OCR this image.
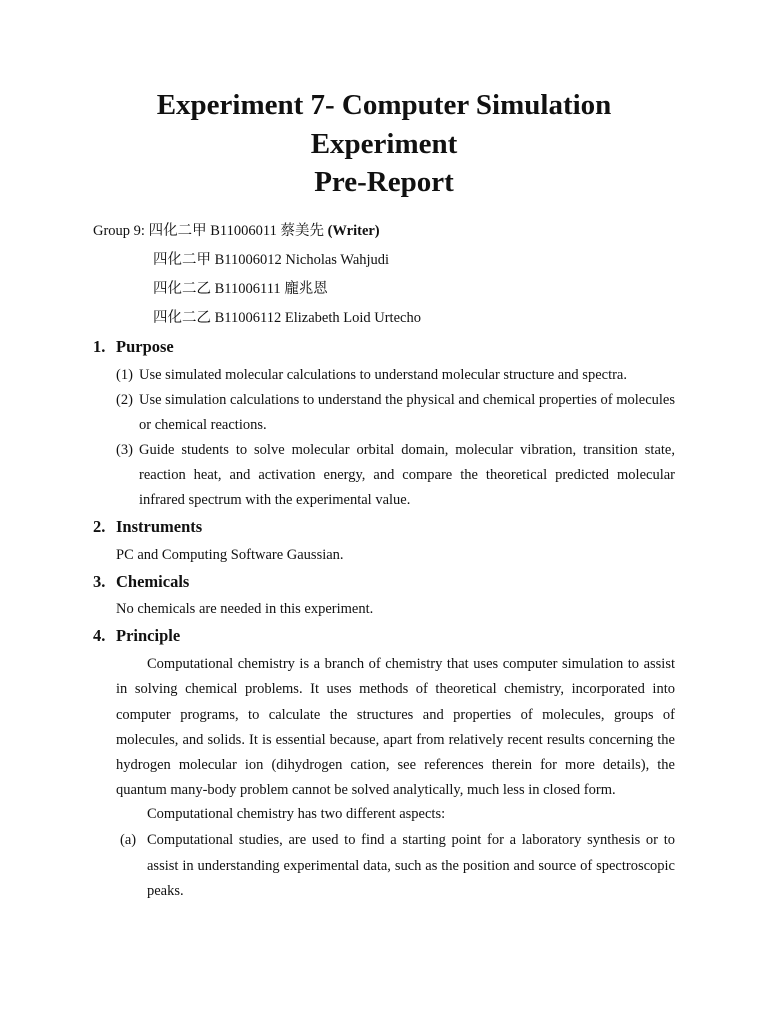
Experiment 7- Computer Simulation
Experiment
Pre-Report
Group 9: 四化二甲 B11006011 蔡美先 (Writer)
四化二甲 B11006012 Nicholas Wahjudi
四化二乙 B11006111 龐兆恩
四化二乙 B11006112 Elizabeth Loid Urtecho
1. Purpose
(1) Use simulated molecular calculations to understand molecular structure and spectra.
(2) Use simulation calculations to understand the physical and chemical properties of molecules or chemical reactions.
(3) Guide students to solve molecular orbital domain, molecular vibration, transition state, reaction heat, and activation energy, and compare the theoretical predicted molecular infrared spectrum with the experimental value.
2. Instruments
PC and Computing Software Gaussian.
3. Chemicals
No chemicals are needed in this experiment.
4. Principle
Computational chemistry is a branch of chemistry that uses computer simulation to assist in solving chemical problems. It uses methods of theoretical chemistry, incorporated into computer programs, to calculate the structures and properties of molecules, groups of molecules, and solids. It is essential because, apart from relatively recent results concerning the hydrogen molecular ion (dihydrogen cation, see references therein for more details), the quantum many-body problem cannot be solved analytically, much less in closed form.
Computational chemistry has two different aspects:
(a) Computational studies, are used to find a starting point for a laboratory synthesis or to assist in understanding experimental data, such as the position and source of spectroscopic peaks.
